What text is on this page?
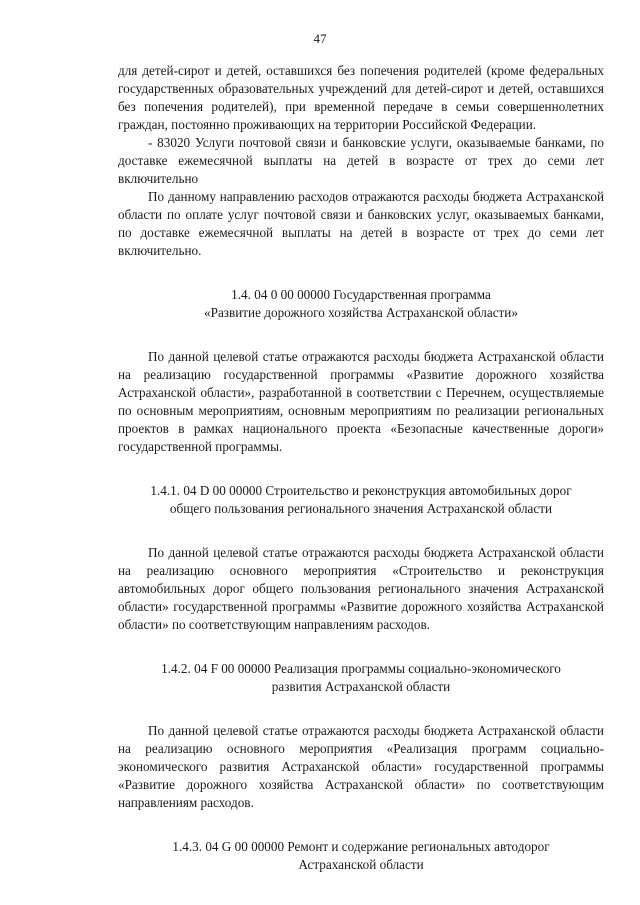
47

для детей-сирот и детей, оставшихся без попечения родителей (кроме федеральных государственных образовательных учреждений для детей-сирот и детей, оставшихся без попечения родителей), при временной передаче в семьи совершеннолетних граждан, постоянно проживающих на территории Российской Федерации.

- 83020 Услуги почтовой связи и банковские услуги, оказываемые банками, по доставке ежемесячной выплаты на детей в возрасте от трех до семи лет включительно

По данному направлению расходов отражаются расходы бюджета Астраханской области по оплате услуг почтовой связи и банковских услуг, оказываемых банками, по доставке ежемесячной выплаты на детей в возрасте от трех до семи лет включительно.

1.4. 04 0 00 00000 Государственная программа
«Развитие дорожного хозяйства Астраханской области»

По данной целевой статье отражаются расходы бюджета Астраханской области на реализацию государственной программы «Развитие дорожного хозяйства Астраханской области», разработанной в соответствии с Перечнем, осуществляемые по основным мероприятиям, основным мероприятиям по реализации региональных проектов в рамках национального проекта «Безопасные качественные дороги» государственной программы.

1.4.1. 04 D 00 00000 Строительство и реконструкция автомобильных дорог
общего пользования регионального значения Астраханской области

По данной целевой статье отражаются расходы бюджета Астраханской области на реализацию основного мероприятия «Строительство и реконструкция автомобильных дорог общего пользования регионального значения Астраханской области» государственной программы «Развитие дорожного хозяйства Астраханской области» по соответствующим направлениям расходов.

1.4.2. 04 F 00 00000 Реализация программы социально-экономического
развития Астраханской области

По данной целевой статье отражаются расходы бюджета Астраханской области на реализацию основного мероприятия «Реализация программ социально-экономического развития Астраханской области» государственной программы «Развитие дорожного хозяйства Астраханской области» по соответствующим направлениям расходов.

1.4.3. 04 G 00 00000 Ремонт и содержание региональных автодорог
Астраханской области
